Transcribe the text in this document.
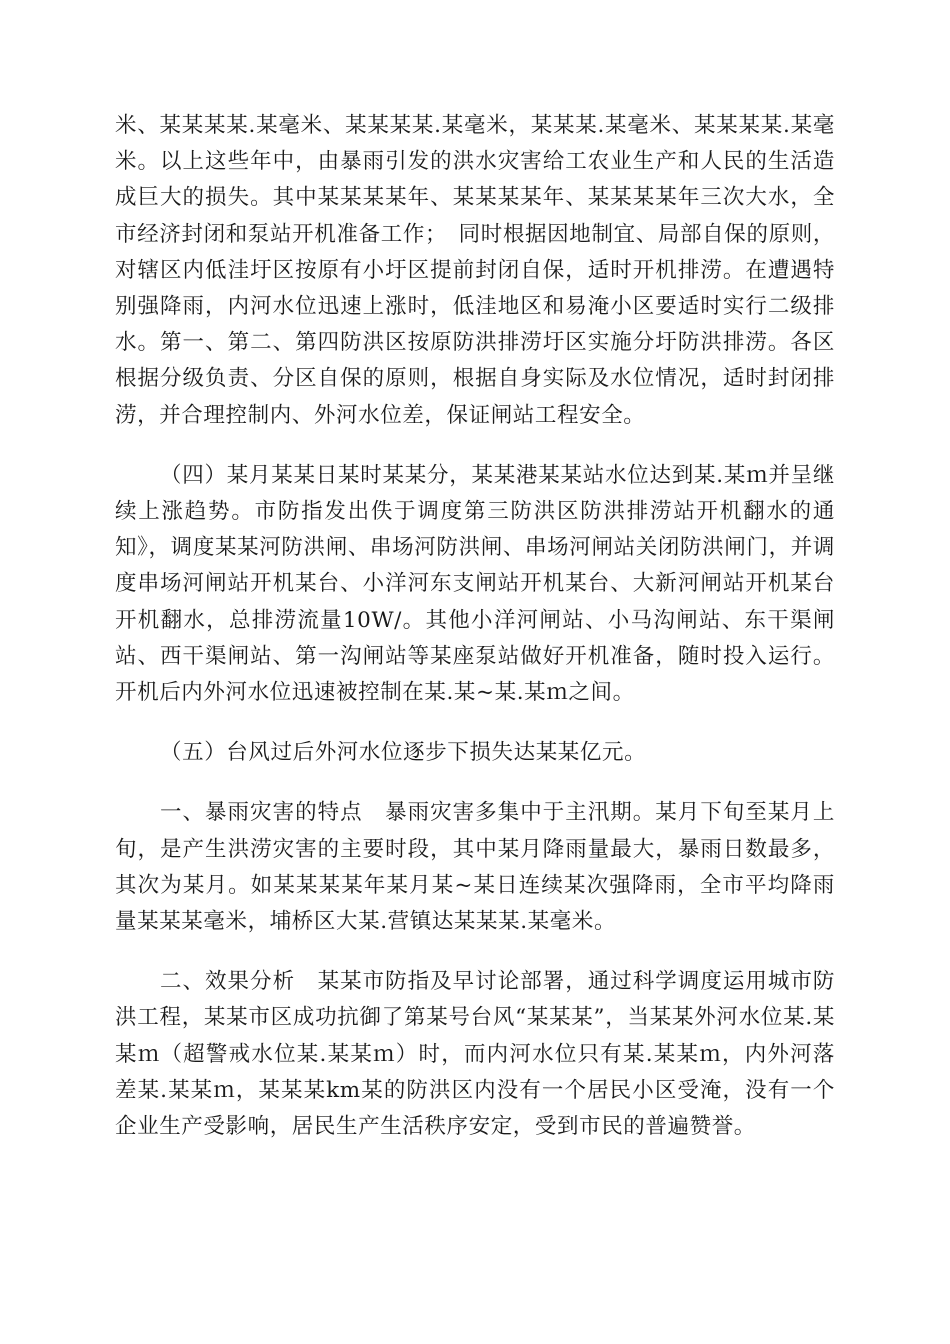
米、某某某某.某毫米、某某某某.某毫米，某某某.某毫米、某某某某.某毫米。以上这些年中，由暴雨引发的洪水灾害给工农业生产和人民的生活造成巨大的损失。其中某某某某年、某某某某年、某某某某年三次大水，全市经济封闭和泵站开机准备工作；　同时根据因地制宜、局部自保的原则，对辖区内低洼圩区按原有小圩区提前封闭自保，适时开机排涝。在遭遇特别强降雨，内河水位迅速上涨时，低洼地区和易淹小区要适时实行二级排水。第一、第二、第四防洪区按原防洪排涝圩区实施分圩防洪排涝。各区根据分级负责、分区自保的原则，根据自身实际及水位情况，适时封闭排涝，并合理控制内、外河水位差，保证闸站工程安全。

（四）某月某某日某时某某分，某某港某某站水位达到某.某ｍ并呈继续上涨趋势。市防指发出佚于调度第三防洪区防洪排涝站开机翻水的通知》，调度某某河防洪闸、串场河防洪闸、串场河闸站关闭防洪闸门，并调度串场河闸站开机某台、小洋河东支闸站开机某台、大新河闸站开机某台开机翻水，总排涝流量10W/。其他小洋河闸站、小马沟闸站、东干渠闸站、西干渠闸站、第一沟闸站等某座泵站做好开机准备，随时投入运行。开机后内外河水位迅速被控制在某.某~某.某ｍ之间。

（五）台风过后外河水位逐步下损失达某某亿元。

一、暴雨灾害的特点　暴雨灾害多集中于主汛期。某月下旬至某月上旬，是产生洪涝灾害的主要时段，其中某月降雨量最大，暴雨日数最多，其次为某月。如某某某某年某月某~某日连续某次强降雨，全市平均降雨量某某某毫米，埔桥区大某.营镇达某某某.某毫米。

二、效果分析　某某市防指及早讨论部署，通过科学调度运用城市防洪工程，某某市区成功抗御了第某号台风“某某某”，当某某外河水位某.某某ｍ（超警戒水位某.某某ｍ）时，而内河水位只有某.某某ｍ，内外河落差某.某某ｍ，某某某km某的防洪区内没有一个居民小区受淹，没有一个企业生产受影响，居民生产生活秩序安定，受到市民的普遍赞誉。
